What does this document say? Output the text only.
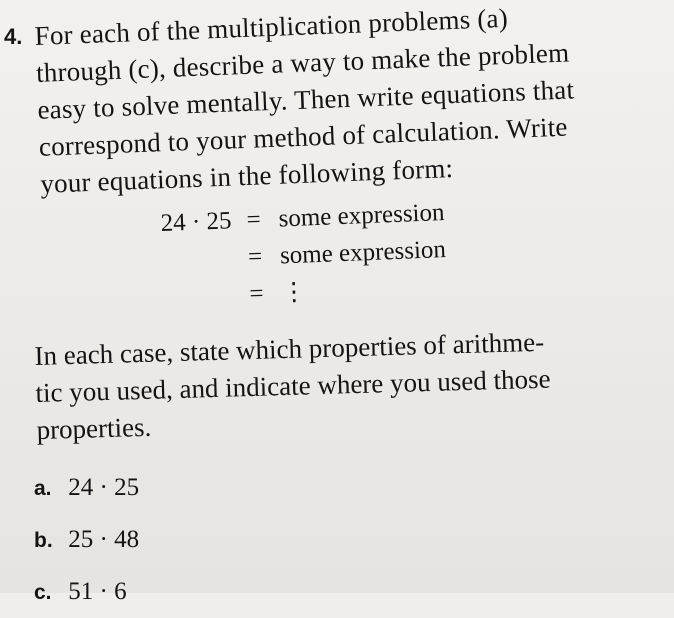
4. For each of the multiplication problems (a)
through (c), describe a way to make the problem
easy to solve mentally. Then write equations that
correspond to your method of calculation. Write
your equations in the following form:
24 · 25 = some expression
= some expression
= ⋮
In each case, state which properties of arithme-
tic you used, and indicate where you used those
properties.
a. 24 · 25
b. 25 · 48
c. 51 · 6
